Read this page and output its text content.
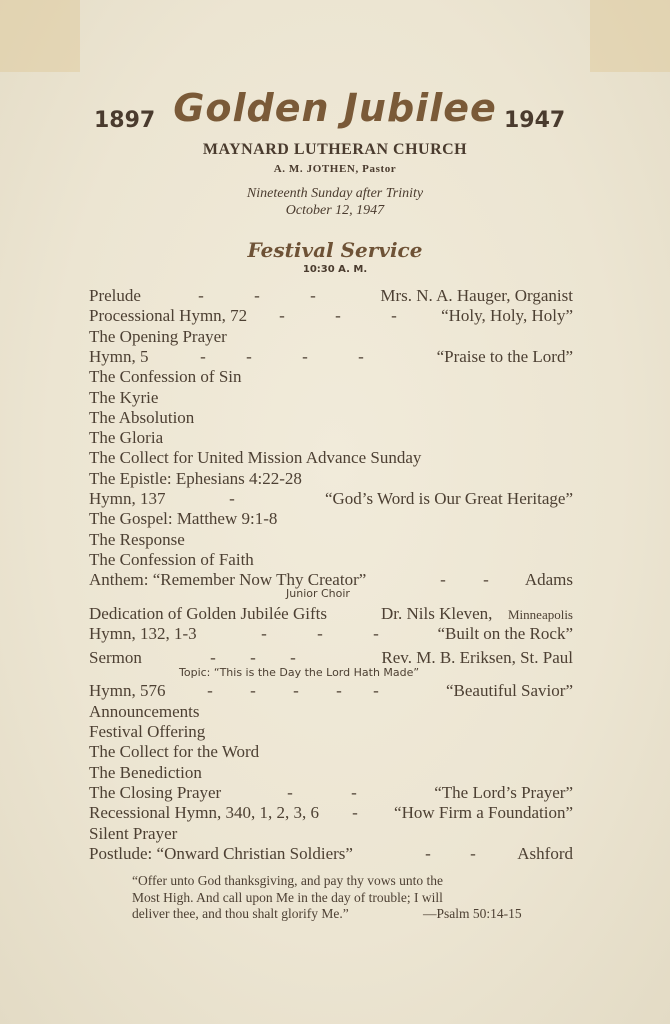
1897	1947
Golden Jubilee
MAYNARD LUTHERAN CHURCH
A. M. JOTHEN, Pastor
Nineteenth Sunday after Trinity
October 12, 1947
Festival Service
10:30 A. M.
Prelude	-	-	-	Mrs. N. A. Hauger, Organist
Processional Hymn, 72 -	-	-	“Holy, Holy, Holy”
The Opening Prayer
Hymn, 5	- -	-	-	“Praise to the Lord”
The Confession of Sin
The Kyrie
The Absolution
The Gloria
The Collect for United Mission Advance Sunday
The Epistle: Ephesians 4:22-28
Hymn, 137	-	“God’s Word is Our Great Heritage”
The Gospel: Matthew 9:1-8
The Response
The Confession of Faith
Anthem: “Remember Now Thy Creator”	- - Adams
Junior Choir
Dedication of Golden Jubilée Gifts	Dr. Nils Kleven, Minneapolis
Hymn, 132, 1-3	-	-	-	“Built on the Rock”
Sermon	- - -	Rev. M. B. Eriksen, St. Paul
Topic: “This is the Day the Lord Hath Made”
Hymn, 576 - - - - -	“Beautiful Savior”
Announcements
Festival Offering
The Collect for the Word
The Benediction
The Closing Prayer	-	-	“The Lord’s Prayer”
Recessional Hymn, 340, 1, 2, 3, 6 - “How Firm a Foundation”
Silent Prayer
Postlude: “Onward Christian Soldiers”	- - Ashford
“Offer unto God thanksgiving, and pay thy vows unto the
Most High. And call upon Me in the day of trouble; I will
deliver thee, and thou shalt glorify Me.”	—Psalm 50:14-15
